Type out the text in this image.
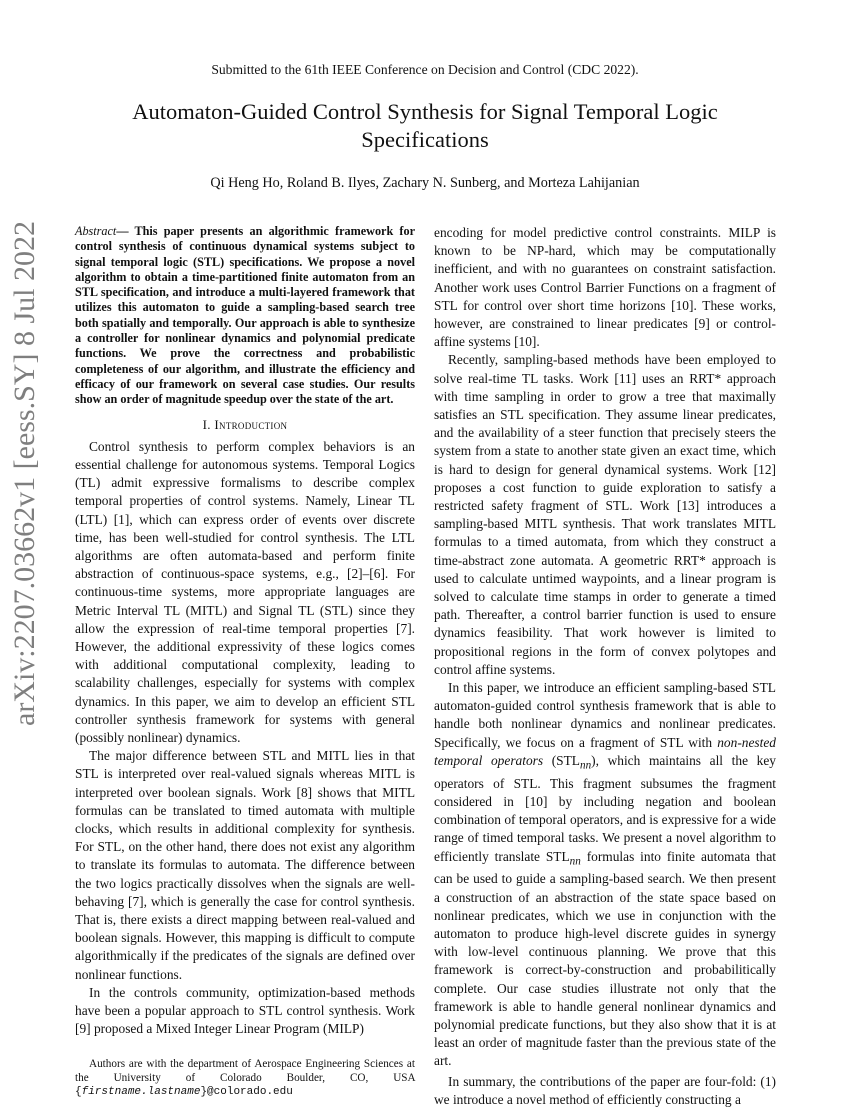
Submitted to the 61th IEEE Conference on Decision and Control (CDC 2022).
Automaton-Guided Control Synthesis for Signal Temporal Logic Specifications
Qi Heng Ho, Roland B. Ilyes, Zachary N. Sunberg, and Morteza Lahijanian
arXiv:2207.03662v1 [eess.SY] 8 Jul 2022	Abstract— This paper presents an algorithmic framework for control synthesis of continuous dynamical systems subject to signal temporal logic (STL) specifications. We propose a novel algorithm to obtain a time-partitioned finite automaton from an STL specification, and introduce a multi-layered framework that utilizes this automaton to guide a sampling-based search tree both spatially and temporally. Our approach is able to synthesize a controller for nonlinear dynamics and polynomial predicate functions. We prove the correctness and probabilistic completeness of our algorithm, and illustrate the efficiency and efficacy of our framework on several case studies. Our results show an order of magnitude speedup over the state of the art.
I. Introduction

Control synthesis to perform complex behaviors is an essential challenge for autonomous systems. Temporal Logics (TL) admit expressive formalisms to describe complex temporal properties of control systems. Namely, Linear TL (LTL) [1], which can express order of events over discrete time, has been well-studied for control synthesis. The LTL algorithms are often automata-based and perform finite abstraction of continuous-space systems, e.g., [2]–[6]. For continuous-time systems, more appropriate languages are Metric Interval TL (MITL) and Signal TL (STL) since they allow the expression of real-time temporal properties [7]. However, the additional expressivity of these logics comes with additional computational complexity, leading to scalability challenges, especially for systems with complex dynamics. In this paper, we aim to develop an efficient STL controller synthesis framework for systems with general (possibly nonlinear) dynamics.

The major difference between STL and MITL lies in that STL is interpreted over real-valued signals whereas MITL is interpreted over boolean signals. Work [8] shows that MITL formulas can be translated to timed automata with multiple clocks, which results in additional complexity for synthesis. For STL, on the other hand, there does not exist any algorithm to translate its formulas to automata. The difference between the two logics practically dissolves when the signals are well-behaving [7], which is generally the case for control synthesis. That is, there exists a direct mapping between real-valued and boolean signals. However, this mapping is difficult to compute algorithmically if the predicates of the signals are defined over nonlinear functions.

In the controls community, optimization-based methods have been a popular approach to STL control synthesis. Work [9] proposed a Mixed Integer Linear Program (MILP)

Authors are with the department of Aerospace Engineering Sciences at the University of Colorado Boulder, CO, USA {firstname.lastname}@colorado.edu

encoding for model predictive control constraints. MILP is known to be NP-hard, which may be computationally inefficient, and with no guarantees on constraint satisfaction. Another work uses Control Barrier Functions on a fragment of STL for control over short time horizons [10]. These works, however, are constrained to linear predicates [9] or control-affine systems [10].

Recently, sampling-based methods have been employed to solve real-time TL tasks. Work [11] uses an RRT* approach with time sampling in order to grow a tree that maximally satisfies an STL specification. They assume linear predicates, and the availability of a steer function that precisely steers the system from a state to another state given an exact time, which is hard to design for general dynamical systems. Work [12] proposes a cost function to guide exploration to satisfy a restricted safety fragment of STL. Work [13] introduces a sampling-based MITL synthesis. That work translates MITL formulas to a timed automata, from which they construct a time-abstract zone automata. A geometric RRT* approach is used to calculate untimed waypoints, and a linear program is solved to calculate time stamps in order to generate a timed path. Thereafter, a control barrier function is used to ensure dynamics feasibility. That work however is limited to propositional regions in the form of convex polytopes and control affine systems.

In this paper, we introduce an efficient sampling-based STL automaton-guided control synthesis framework that is able to handle both nonlinear dynamics and nonlinear predicates. Specifically, we focus on a fragment of STL with non-nested temporal operators $(STL_{nn})$, which maintains all the key operators of STL. This fragment subsumes the fragment considered in [10] by including negation and boolean combination of temporal operators, and is expressive for a wide range of timed temporal tasks. We present a novel algorithm to efficiently translate $STL_{nn}$ formulas into finite automata that can be used to guide a sampling-based search. We then present a construction of an abstraction of the state space based on nonlinear predicates, which we use in conjunction with the automaton to produce high-level discrete guides in synergy with low-level continuous planning. We prove that this framework is correct-by-construction and probabilitically complete. Our case studies illustrate not only that the framework is able to handle general nonlinear dynamics and polynomial predicate functions, but they also show that it is at least an order of magnitude faster than the previous state of the art.

In summary, the contributions of the paper are four-fold: (1) we introduce a novel method of efficiently constructing a
